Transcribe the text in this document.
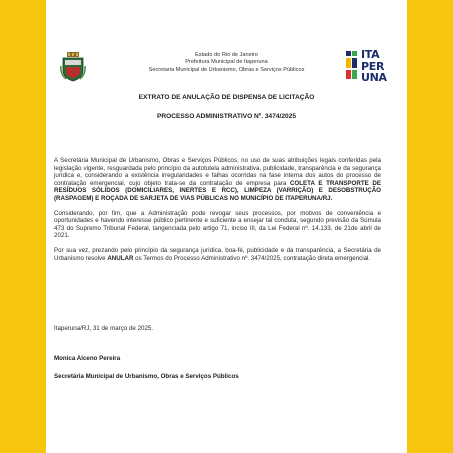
Estado do Rio de Janeiro
Prefeitura Municipal de Itaperuna
Secretaria Municipal de Urbanismo, Obras e Serviços Públicos
ITA
PER
UNA
EXTRATO DE ANULAÇÃO DE DISPENSA DE LICITAÇÃO
PROCESSO ADMINISTRATIVO Nº. 3474/2025

A Secretária Municipal de Urbanismo, Obras e Serviços Públicos, no uso de suas atribuições legais conferidas pela legislação vigente, resguardada pelo princípio da autotutela administrativa, publicidade, transparência e da segurança jurídica e, considerando a existência irregularidades e falhas ocorridas na fase interna dos autos do processo de contratação emergencial, cujo objeto trata-se da contratação de empresa para COLETA E TRANSPORTE DE RESÍDUOS SÓLIDOS (DOMICILIARES, INERTES E RCC), LIMPEZA (VARRIÇÃO) E DESOBSTRUÇÃO (RASPAGEM) E ROÇADA DE SARJETA DE VIAS PÚBLICAS NO MUNICÍPIO DE ITAPERUNA/RJ.

Considerando, por fim, que a Administração pode revogar seus processos, por motivos de conveniência e oportunidades e havendo interesse público pertinente e suficiente a ensejar tal conduta, segundo previsão da Súmula 473 do Supremo Tribunal Federal, tangenciada pelo artigo 71, inciso III, da Lei Federal nº. 14.133, de 21de abril de 2021.

Por sua vez, prezando pelo princípio da segurança jurídica, boa-fé, publicidade e da transparência, a Secretária de Urbanismo resolve ANULAR os Termos do Processo Administrativo nº. 3474/2025, contratação direta emergencial.

Itaperuna/RJ, 31 de março de 2025.
Monica Alceno Pereira
Secretária Municipal de Urbanismo, Obras e Serviços Públicos
